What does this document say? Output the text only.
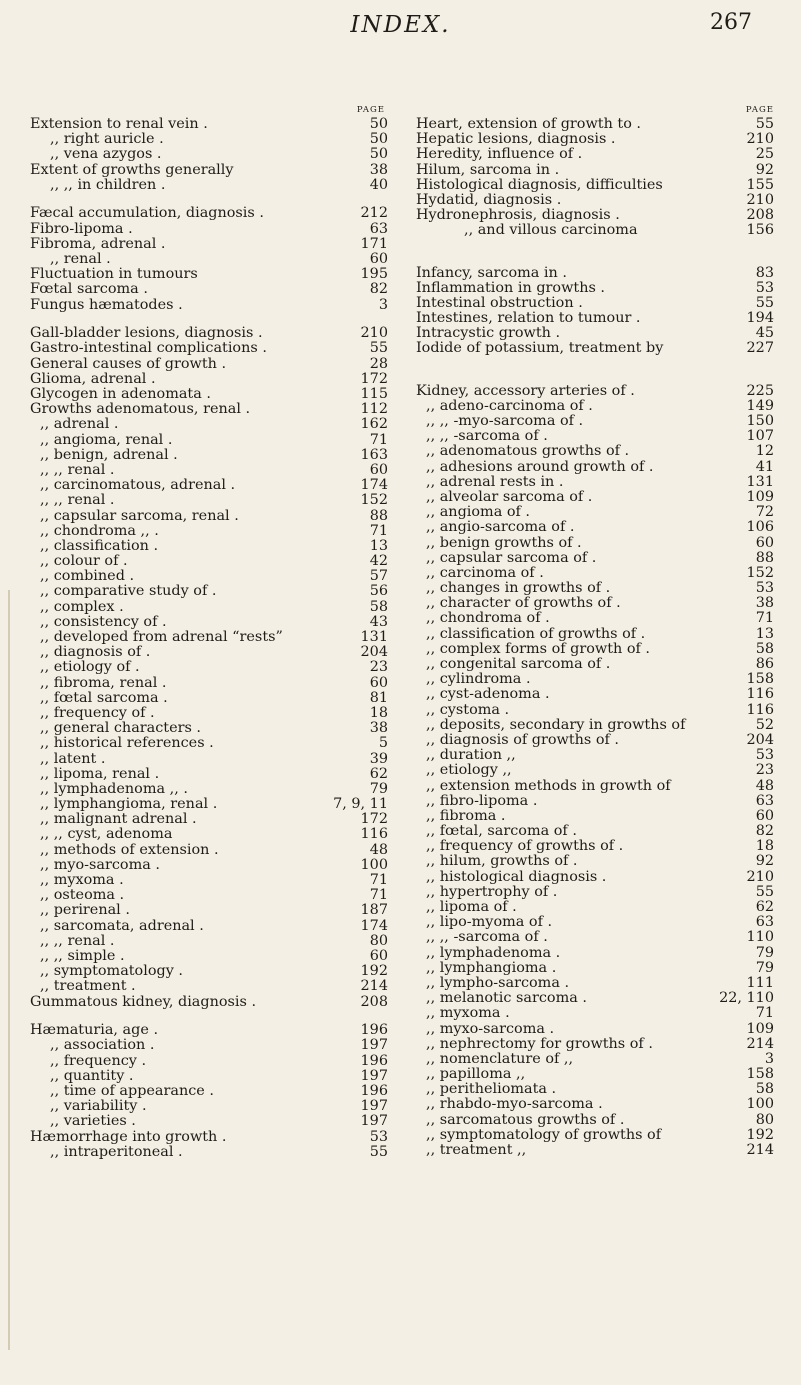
INDEX.	267
PAGE
Extension to renal vein .	50
,, right auricle .	50
,, vena azygos .	50
Extent of growths generally	38
,, ,, in children .	40
Fæcal accumulation, diagnosis .	212
Fibro-lipoma .	63
Fibroma, adrenal .	171
,, renal .	60
Fluctuation in tumours	195
Fœtal sarcoma .	82
Fungus hæmatodes .	3
Gall-bladder lesions, diagnosis .	210
Gastro-intestinal complications .	55
General causes of growth .	28
Glioma, adrenal .	172
Glycogen in adenomata .	115
Growths adenomatous, renal .	112
,, adrenal .	162
,, angioma, renal .	71
,, benign, adrenal .	163
,, ,, renal .	60
,, carcinomatous, adrenal .	174
,, ,, renal .	152
,, capsular sarcoma, renal .	88
,, chondroma ,, .	71
,, classification .	13
,, colour of .	42
,, combined .	57
,, comparative study of .	56
,, complex .	58
,, consistency of .	43
,, developed from adrenal “rests”	131
,, diagnosis of .	204
,, etiology of .	23
,, fibroma, renal .	60
,, fœtal sarcoma .	81
,, frequency of .	18
,, general characters .	38
,, historical references .	5
,, latent .	39
,, lipoma, renal .	62
,, lymphadenoma ,, .	79
,, lymphangioma, renal .	7, 9, 11
,, malignant adrenal .	172
,, ,, cyst, adenoma	116
,, methods of extension .	48
,, myo-sarcoma .	100
,, myxoma .	71
,, osteoma .	71
,, perirenal .	187
,, sarcomata, adrenal .	174
,, ,, renal .	80
,, ,, simple .	60
,, symptomatology .	192
,, treatment .	214
Gummatous kidney, diagnosis .	208
Hæmaturia, age .	196
,, association .	197
,, frequency .	196
,, quantity .	197
,, time of appearance .	196
,, variability .	197
,, varieties .	197
Hæmorrhage into growth .	53
,, intraperitoneal .	55
PAGE
Heart, extension of growth to .	55
Hepatic lesions, diagnosis .	210
Heredity, influence of .	25
Hilum, sarcoma in .	92
Histological diagnosis, difficulties	155
Hydatid, diagnosis .	210
Hydronephrosis, diagnosis .	208
,, and villous carcinoma	156
Infancy, sarcoma in .	83
Inflammation in growths .	53
Intestinal obstruction .	55
Intestines, relation to tumour .	194
Intracystic growth .	45
Iodide of potassium, treatment by	227
Kidney, accessory arteries of .	225
,, adeno-carcinoma of .	149
,, ,, -myo-sarcoma of .	150
,, ,, -sarcoma of .	107
,, adenomatous growths of .	12
,, adhesions around growth of .	41
,, adrenal rests in .	131
,, alveolar sarcoma of .	109
,, angioma of .	72
,, angio-sarcoma of .	106
,, benign growths of .	60
,, capsular sarcoma of .	88
,, carcinoma of .	152
,, changes in growths of .	53
,, character of growths of .	38
,, chondroma of .	71
,, classification of growths of .	13
,, complex forms of growth of .	58
,, congenital sarcoma of .	86
,, cylindroma .	158
,, cyst-adenoma .	116
,, cystoma .	116
,, deposits, secondary in growths of	52
,, diagnosis of growths of .	204
,, duration ,,	53
,, etiology ,,	23
,, extension methods in growth of	48
,, fibro-lipoma .	63
,, fibroma .	60
,, fœtal, sarcoma of .	82
,, frequency of growths of .	18
,, hilum, growths of .	92
,, histological diagnosis .	210
,, hypertrophy of .	55
,, lipoma of .	62
,, lipo-myoma of .	63
,, ,, -sarcoma of .	110
,, lymphadenoma .	79
,, lymphangioma .	79
,, lympho-sarcoma .	111
,, melanotic sarcoma .	22, 110
,, myxoma .	71
,, myxo-sarcoma .	109
,, nephrectomy for growths of .	214
,, nomenclature of ,,	3
,, papilloma ,,	158
,, peritheliomata .	58
,, rhabdo-myo-sarcoma .	100
,, sarcomatous growths of .	80
,, symptomatology of growths of	192
,, treatment ,,	214
